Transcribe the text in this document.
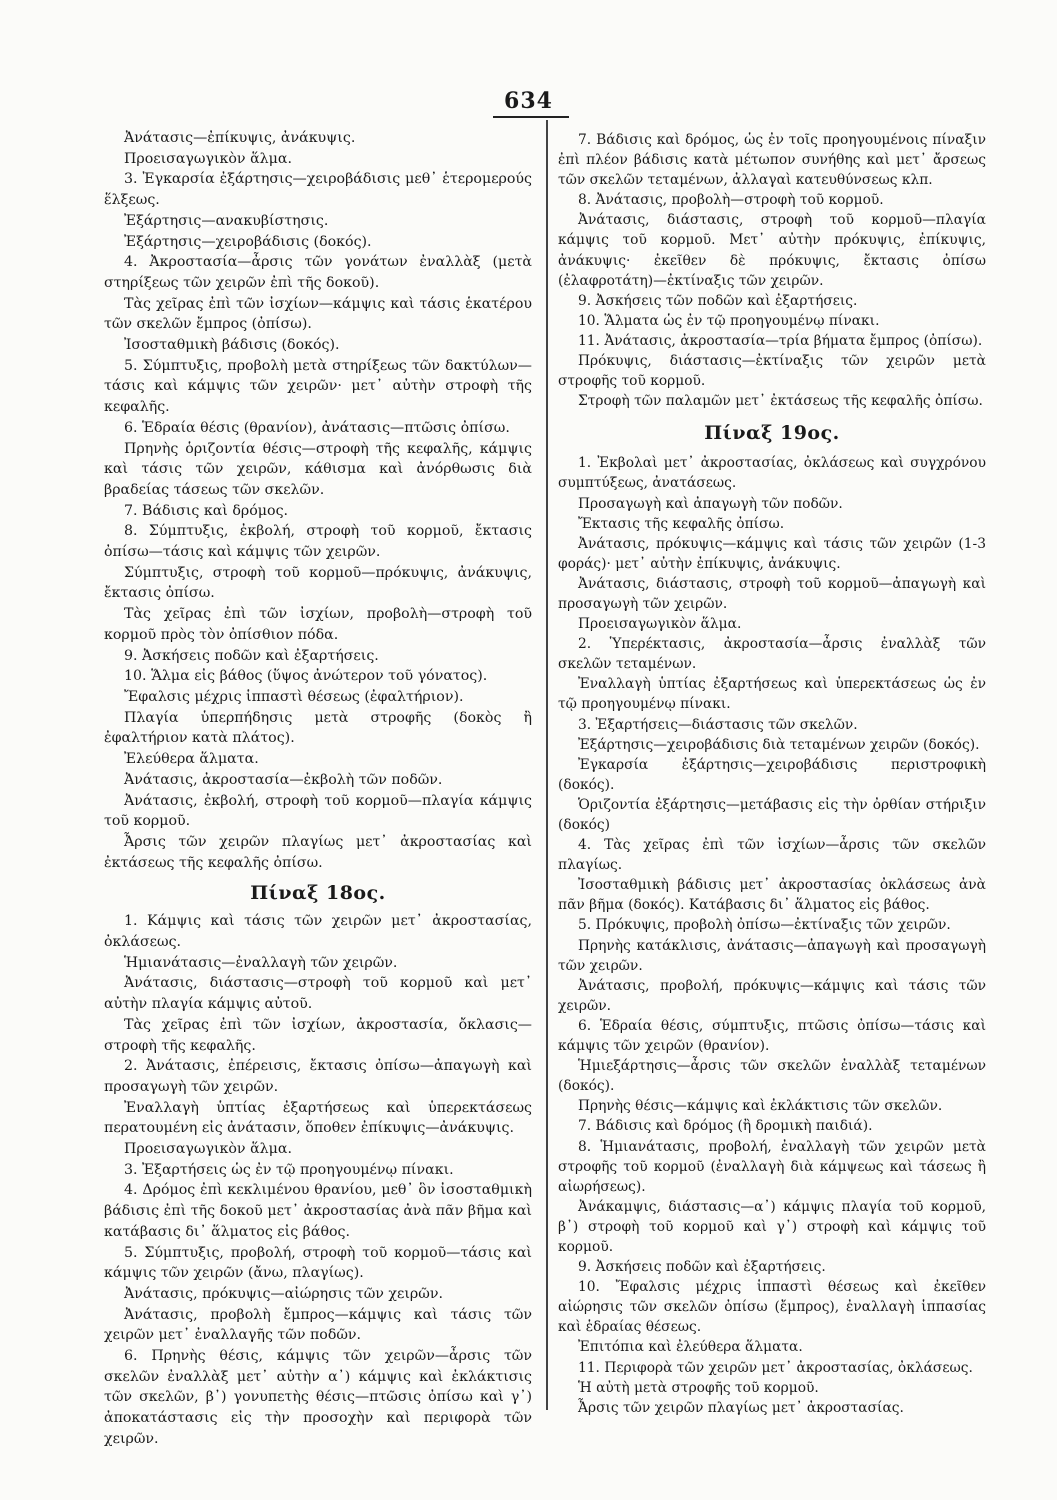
634

Ἀνάτασις—ἐπίκυψις, ἀνάκυψις.

Προεισαγωγικὸν ἅλμα.

3. Ἐγκαρσία ἐξάρτησις—χειροβάδισις μεθ᾿ ἑτερομερούς ἕλξεως.

Ἐξάρτησις—ανακυβίστησις.

Ἐξάρτησις—χειροβάδισις (δοκός).

4. Ἀκροστασία—ἆρσις τῶν γονάτων ἐναλλὰξ (μετὰ στηρίξεως τῶν χειρῶν ἐπὶ τῆς δοκοῦ).

Τὰς χεῖρας ἐπὶ τῶν ἰσχίων—κάμψις καὶ τάσις ἑκατέρου τῶν σκελῶν ἔμπρος (ὀπίσω).

Ἰσοσταθμικὴ βάδισις (δοκός).

5. Σύμπτυξις, προβολὴ μετὰ στηρίξεως τῶν δακτύλων—τάσις καὶ κάμψις τῶν χειρῶν· μετ᾿ αὐτὴν στροφὴ τῆς κεφαλῆς.

6. Ἑδραία θέσις (θρανίον), ἀνάτασις—πτῶσις ὀπίσω.

Πρηνὴς ὁριζοντία θέσις—στροφὴ τῆς κεφαλῆς, κάμψις καὶ τάσις τῶν χειρῶν, κάθισμα καὶ ἀνόρθωσις διὰ βραδείας τάσεως τῶν σκελῶν.

7. Βάδισις καὶ δρόμος.

8. Σύμπτυξις, ἐκβολή, στροφὴ τοῦ κορμοῦ, ἔκτασις ὀπίσω—τάσις καὶ κάμψις τῶν χειρῶν.

Σύμπτυξις, στροφὴ τοῦ κορμοῦ—πρόκυψις, ἀνάκυψις, ἔκτασις ὀπίσω.

Τὰς χεῖρας ἐπὶ τῶν ἰσχίων, προβολὴ—στροφὴ τοῦ κορμοῦ πρὸς τὸν ὀπίσθιον πόδα.

9. Ἀσκήσεις ποδῶν καὶ ἐξαρτήσεις.

10. Ἅλμα εἰς βάθος (ὕψος ἀνώτερον τοῦ γόνατος).

Ἔφαλσις μέχρις ἱππαστὶ θέσεως (ἐφαλτήριον).

Πλαγία ὑπερπήδησις μετὰ στροφῆς (δοκὸς ἢ ἐφαλτήριον κατὰ πλάτος).

Ἐλεύθερα ἅλματα.

Ἀνάτασις, ἀκροστασία—ἐκβολὴ τῶν ποδῶν.

Ἀνάτασις, ἐκβολή, στροφὴ τοῦ κορμοῦ—πλαγία κάμψις τοῦ κορμοῦ.

Ἆρσις τῶν χειρῶν πλαγίως μετ᾿ ἀκροστασίας καὶ ἐκτάσεως τῆς κεφαλῆς ὀπίσω.

Πίναξ 18ος.

1. Κάμψις καὶ τάσις τῶν χειρῶν μετ᾿ ἀκροστασίας, ὀκλάσεως.

Ἡμιανάτασις—ἐναλλαγὴ τῶν χειρῶν.

Ἀνάτασις, διάστασις—στροφὴ τοῦ κορμοῦ καὶ μετ᾿ αὐτὴν πλαγία κάμψις αὐτοῦ.

Τὰς χεῖρας ἐπὶ τῶν ἰσχίων, ἀκροστασία, ὄκλασις—στροφὴ τῆς κεφαλῆς.

2. Ἀνάτασις, ἐπέρεισις, ἔκτασις ὀπίσω—ἀπαγωγὴ καὶ προσαγωγὴ τῶν χειρῶν.

Ἐναλλαγὴ ὑπτίας ἐξαρτήσεως καὶ ὑπερεκτάσεως περατουμένη εἰς ἀνάτασιν, ὅποθεν ἐπίκυψις—ἀνάκυψις.

Προεισαγωγικὸν ἅλμα.

3. Ἐξαρτήσεις ὡς ἐν τῷ προηγουμένῳ πίνακι.

4. Δρόμος ἐπὶ κεκλιμένου θρανίου, μεθ᾿ ὃν ἰσοσταθμικὴ βάδισις ἐπὶ τῆς δοκοῦ μετ᾿ ἀκροστασίας ἀνὰ πᾶν βῆμα καὶ κατάβασις δι᾿ ἅλματος εἰς βάθος.

5. Σύμπτυξις, προβολή, στροφὴ τοῦ κορμοῦ—τάσις καὶ κάμψις τῶν χειρῶν (ἄνω, πλαγίως).

Ἀνάτασις, πρόκυψις—αἰώρησις τῶν χειρῶν.

Ἀνάτασις, προβολὴ ἔμπρος—κάμψις καὶ τάσις τῶν χειρῶν μετ᾿ ἐναλλαγῆς τῶν ποδῶν.

6. Πρηνὴς θέσις, κάμψις τῶν χειρῶν—ἆρσις τῶν σκελῶν ἐναλλὰξ μετ᾿ αὐτὴν α᾿) κάμψις καὶ ἐκλάκτισις τῶν σκελῶν, β᾿) γονυπετὴς θέσις—πτῶσις ὀπίσω καὶ γ᾿) ἀποκατάστασις εἰς τὴν προσοχὴν καὶ περιφορὰ τῶν χειρῶν.

7. Βάδισις καὶ δρόμος, ὡς ἐν τοῖς προηγουμένοις πίναξιν ἐπὶ πλέον βάδισις κατὰ μέτωπον συνήθης καὶ μετ᾿ ἄρσεως τῶν σκελῶν τεταμένων, ἀλλαγαὶ κατευθύνσεως κλπ.

8. Ἀνάτασις, προβολὴ—στροφὴ τοῦ κορμοῦ.

Ἀνάτασις, διάστασις, στροφὴ τοῦ κορμοῦ—πλαγία κάμψις τοῦ κορμοῦ. Μετ᾿ αὐτὴν πρόκυψις, ἐπίκυψις, ἀνάκυψις· ἐκεῖθεν δὲ πρόκυψις, ἔκτασις ὀπίσω (ἐλαφροτάτη)—ἐκτίναξις τῶν χειρῶν.

9. Ἀσκήσεις τῶν ποδῶν καὶ ἐξαρτήσεις.

10. Ἅλματα ὡς ἐν τῷ προηγουμένῳ πίνακι.

11. Ἀνάτασις, ἀκροστασία—τρία βήματα ἔμπρος (ὀπίσω).

Πρόκυψις, διάστασις—ἐκτίναξις τῶν χειρῶν μετὰ στροφῆς τοῦ κορμοῦ.

Στροφὴ τῶν παλαμῶν μετ᾿ ἐκτάσεως τῆς κεφαλῆς ὀπίσω.

Πίναξ 19ος.

1. Ἐκβολαὶ μετ᾿ ἀκροστασίας, ὀκλάσεως καὶ συγχρόνου συμπτύξεως, ἀνατάσεως.

Προσαγωγὴ καὶ ἀπαγωγὴ τῶν ποδῶν.

Ἔκτασις τῆς κεφαλῆς ὀπίσω.

Ἀνάτασις, πρόκυψις—κάμψις καὶ τάσις τῶν χειρῶν (1-3 φοράς)· μετ᾿ αὐτὴν ἐπίκυψις, ἀνάκυψις.

Ἀνάτασις, διάστασις, στροφὴ τοῦ κορμοῦ—ἀπαγωγὴ καὶ προσαγωγὴ τῶν χειρῶν.

Προεισαγωγικὸν ἅλμα.

2. Ὑπερέκτασις, ἀκροστασία—ἆρσις ἐναλλὰξ τῶν σκελῶν τεταμένων.

Ἐναλλαγὴ ὑπτίας ἐξαρτήσεως καὶ ὑπερεκτάσεως ὡς ἐν τῷ προηγουμένῳ πίνακι.

3. Ἐξαρτήσεις—διάστασις τῶν σκελῶν.

Ἐξάρτησις—χειροβάδισις διὰ τεταμένων χειρῶν (δοκός).

Ἐγκαρσία ἐξάρτησις—χειροβάδισις περιστροφικὴ (δοκός).

Ὁριζοντία ἐξάρτησις—μετάβασις εἰς τὴν ὀρθίαν στήριξιν (δοκός)

4. Τὰς χεῖρας ἐπὶ τῶν ἰσχίων—ἆρσις τῶν σκελῶν πλαγίως.

Ἰσοσταθμικὴ βάδισις μετ᾿ ἀκροστασίας ὀκλάσεως ἀνὰ πᾶν βῆμα (δοκός). Κατάβασις δι᾿ ἅλματος εἰς βάθος.

5. Πρόκυψις, προβολὴ ὀπίσω—ἐκτίναξις τῶν χειρῶν.

Πρηνὴς κατάκλισις, ἀνάτασις—ἀπαγωγὴ καὶ προσαγωγὴ τῶν χειρῶν.

Ἀνάτασις, προβολή, πρόκυψις—κάμψις καὶ τάσις τῶν χειρῶν.

6. Ἑδραία θέσις, σύμπτυξις, πτῶσις ὀπίσω—τάσις καὶ κάμψις τῶν χειρῶν (θρανίον).

Ἡμιεξάρτησις—ἆρσις τῶν σκελῶν ἐναλλὰξ τεταμένων (δοκός).

Πρηνὴς θέσις—κάμψις καὶ ἐκλάκτισις τῶν σκελῶν.

7. Βάδισις καὶ δρόμος (ἢ δρομικὴ παιδιά).

8. Ἡμιανάτασις, προβολή, ἐναλλαγὴ τῶν χειρῶν μετὰ στροφῆς τοῦ κορμοῦ (ἐναλλαγὴ διὰ κάμψεως καὶ τάσεως ἢ αἰωρήσεως).

Ἀνάκαμψις, διάστασις—α᾿) κάμψις πλαγία τοῦ κορμοῦ, β᾿) στροφὴ τοῦ κορμοῦ καὶ γ᾿) στροφὴ καὶ κάμψις τοῦ κορμοῦ.

9. Ἀσκήσεις ποδῶν καὶ ἐξαρτήσεις.

10. Ἔφαλσις μέχρις ἱππαστὶ θέσεως καὶ ἐκεῖθεν αἰώρησις τῶν σκελῶν ὀπίσω (ἔμπρος), ἐναλλαγὴ ἱππασίας καὶ ἑδραίας θέσεως.

Ἐπιτόπια καὶ ἐλεύθερα ἅλματα.

11. Περιφορὰ τῶν χειρῶν μετ᾿ ἀκροστασίας, ὀκλάσεως.

Ἡ αὐτὴ μετὰ στροφῆς τοῦ κορμοῦ.

Ἆρσις τῶν χειρῶν πλαγίως μετ᾿ ἀκροστασίας.
